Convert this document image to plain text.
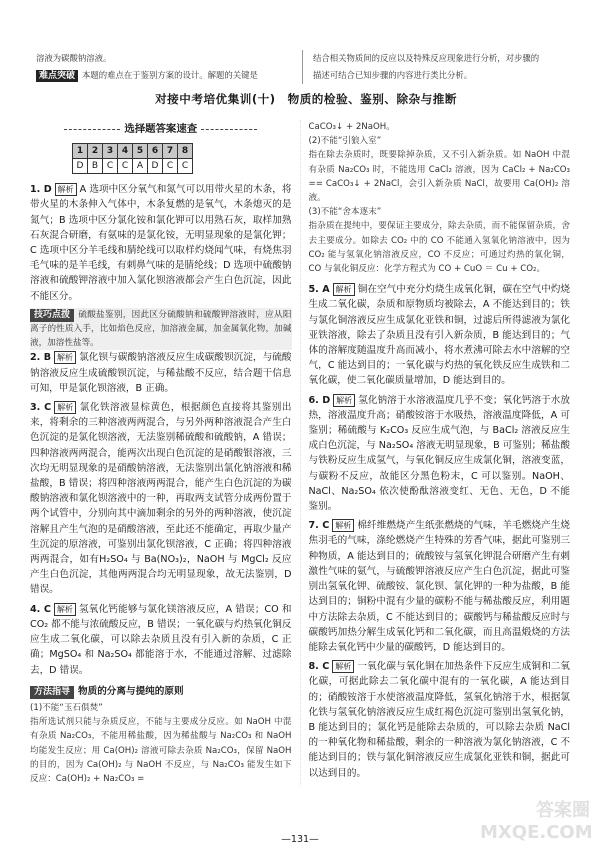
溶液为碳酸钠溶液。
难点突破 本题的难点在于鉴别方案的设计。解题的关键是
结合相关物质间的反应以及特殊反应现象进行分析，对步骤的
描述可结合已知步骤的内容进行类比分析。
对接中考培优集训(十)　物质的检验、鉴别、除杂与推断
选择题答案速查
1	2	3	4	5	6	7	8
D	B	C	C	A	D	C	C
1. D 解析 A 选项中区分氧气和氮气可以用带火星的木条，将带火星的木条伸入气体中，木条复燃的是氧气，木条熄灭的是氮气；B 选项中区分氯化铵和氯化钾可以用熟石灰，取样加熟石灰混合研磨，有氨味的是氯化铵，无明显现象的是氯化钾；C 选项中区分羊毛线和腈纶线可以取样灼烧闻气味，有烧焦羽毛气味的是羊毛线，有刺鼻气味的是腈纶线；D 选项中硫酸钠溶液和硫酸钾溶液中加入氯化钡溶液都会产生白色沉淀，因此不能区分。
技巧点拨 硫酸盐鉴别，因此区分硫酸钠和硫酸钾溶液时，应从阳离子的性质入手，比如焰色反应，加溶液金属，加金属氧化物，加碱液，加溶性盐等。
2. B 解析 氯化钡与碳酸钠溶液反应生成碳酸钡沉淀，与硫酸钠溶液反应生成硫酸钡沉淀，与稀盐酸不反应，结合题干信息可知，甲是氯化钡溶液，B 正确。
3. C 解析 氯化铁溶液显棕黄色，根据颜色直接将其鉴别出来，将剩余的三种溶液两两混合，与另外两种溶液混合产生白色沉淀的是氯化钡溶液，无法鉴别稀硫酸和硫酸钠，A 错误；四种溶液两两混合，能两次出现白色沉淀的是硝酸银溶液，三次均无明显现象的是硝酸钠溶液，无法鉴别出氯化钠溶液和稀盐酸，B 错误；将四种溶液两两混合，能产生白色沉淀的为碳酸钠溶液和氯化钡溶液中的一种，再取两支试管分成两份置于两个试管中，分别向其中滴加剩余的另外的两种溶液，使沉淀溶解且产生气泡的是硝酸溶液，至此还不能确定，再取少量产生沉淀的原溶液，可鉴别出氯化钡溶液，C 正确；将四种溶液两两混合，如有H₂SO₄ 与 Ba(NO₃)₂，NaOH 与 MgCl₂ 反应产生白色沉淀，其他两两混合均无明显现象，故无法鉴别，D 错误。
4. C 解析 氢氧化钙能够与氯化镁溶液反应，A 错误；CO 和 CO₂ 都不能与浓硫酸反应，B 错误；一氧化碳与灼热氧化铜反应生成二氧化碳，可以除去杂质且没有引入新的杂质，C 正确；MgSO₄ 和 Na₂SO₄ 都能溶于水，不能通过溶解、过滤除去，D 错误。
方法指导 物质的分离与提纯的原则
(1)不能“玉石俱焚”
指所选试剂只能与杂质反应，不能与主要成分反应。如 NaOH 中混有杂质 Na₂CO₃，不能用稀盐酸，因为稀盐酸与 Na₂CO₃ 和 NaOH 均能发生反应；用 Ca(OH)₂ 溶液可除去杂质 Na₂CO₃，保留 NaOH 的目的，因为 Ca(OH)₂ 与 NaOH 不反应，与 Na₂CO₃ 能发生如下反应：Ca(OH)₂ + Na₂CO₃ =
CaCO₃↓ + 2NaOH。
(2)不能“引狼入室”
指在除去杂质时，既要除掉杂质，又不引入新杂质。如 NaOH 中混有杂质 Na₂CO₃ 时，不能选用 CaCl₂ 溶液，因为 CaCl₂ + Na₂CO₃ == CaCO₃↓ + 2NaCl，会引入新杂质 NaCl，故要用 Ca(OH)₂ 溶液。
(3)不能“舍本逐末”
指杂质在提纯中，要保证主要成分，除去杂质，而不能保留杂质，舍去主要成分。如除去 CO₂ 中的 CO 不能通入氢氧化钠溶液中，因为 CO₂ 能与氢氧化钠溶液反应，CO 不反应；可通过灼热的氧化铜，CO 与氧化铜反应：化学方程式为 CO + CuO ＝ Cu + CO₂。
5. A 解析 铜在空气中充分灼烧生成氧化铜，碳在空气中灼烧生成二氧化碳，杂质和原物质均被除去，A 不能达到目的；铁与氯化铜溶液反应生成氯化亚铁和铜，过滤后所得滤液为氯化亚铁溶液，除去了杂质且没有引入新杂质，B 能达到目的；气体的溶解度随温度升高而减小，将水煮沸可除去水中溶解的空气，C 能达到目的；一氧化碳与灼热的氧化铁反应生成铁和二氧化碳，使二氧化碳质量增加，D 能达到目的。
6. D 解析 氢化钠溶于水溶液温度几乎不变；氧化钙溶于水放热，溶液温度升高；硝酸铵溶于水吸热，溶液温度降低，A 可鉴别；稀硫酸与 K₂CO₃ 反应生成气泡，与 BaCl₂ 溶液反应生成白色沉淀，与 Na₂SO₄ 溶液无明显现象，B 可鉴别；稀盐酸与铁粉反应生成氢气，与氧化铜反应生成氯化铜，溶液变蓝，与碳粉不反应，故能区分黑色粉末，C 可以鉴别。NaOH、NaCl、Na₂SO₄ 依次使酚酞溶液变红、无色、无色，D 不能鉴别。
7. C 解析 棉纤维燃烧产生纸张燃烧的气味，羊毛燃烧产生烧焦羽毛的气味，涤纶燃烧产生特殊的芳香气味，据此可鉴别三种物质，A 能达到目的；硫酸铵与氢氧化钾混合研磨产生有刺激性气味的氨气，与硫酸钾溶液反应产生白色沉淀，据此可鉴别出氢氧化钾、硫酸铵、氯化钡、氯化钾的一种为盐酸，B 能达到目的；铜粉中混有少量的碳粉不能与稀盐酸反应，利用题中方法除去杂质，C 不能达到目的；碳酸钙与稀盐酸反应时与碳酸钙加热分解生成氧化钙和二氧化碳，而且高温煅烧的方法能除去氧化钙中少量的碳酸钙，D 能达到目的。
8. C 解析 一氧化碳与氧化铜在加热条件下反应生成铜和二氧化碳，可据此除去二氧化碳中混有的一氧化碳，A 能达到目的；硝酸铵溶于水使溶液温度降低，氢氧化钠溶于水，根据氯化铁与氢氧化钠溶液反应生成红褐色沉淀可鉴别出氢氧化钠，B 能达到目的；氯化钙是能除去杂质的，可以除去杂质 NaCl 的一种氧化物和稀盐酸，剩余的一种溶液为氯化钠溶液，C 不能达到目的；铁与氯化铜溶液反应生成氯化亚铁和铜，据此可以达到目的。
—131—
答案圈 MXQE.COM
